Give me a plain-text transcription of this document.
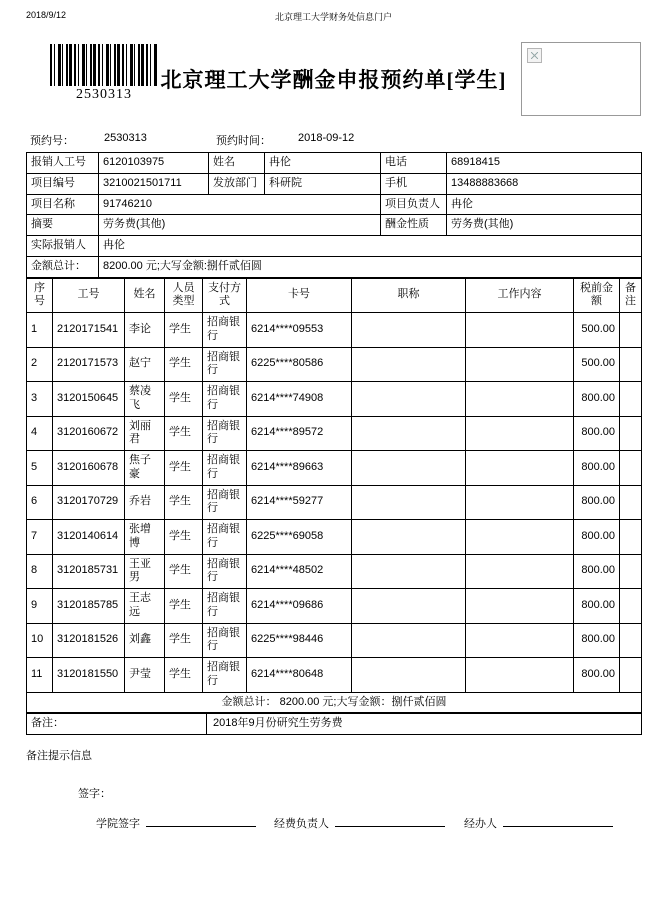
2018/9/12	北京理工大学财务处信息门户
2530313
北京理工大学酬金申报预约单[学生]
预约号：	2530313	预约时间： 2018-09-12
报销人工号	6120103975	姓名	冉伦	电话	68918415
项目编号	3210021501711	发放部门	科研院	手机	13488883668
项目名称	91746210			项目负责人	冉伦
摘要	劳务费(其他)			酬金性质	劳务费(其他)
实际报销人	冉伦				
金额总计：	8200.00 元;大写金额:捌仟贰佰圆				
序号	工号	姓名	人员类型	支付方式	卡号	职称	工作内容	税前金额	备注
1	2120171541	李论	学生	招商银行	6214****09553			500.00	
2	2120171573	赵宁	学生	招商银行	6225****80586			500.00	
3	3120150645	蔡凌飞	学生	招商银行	6214****74908			800.00	
4	3120160672	刘丽君	学生	招商银行	6214****89572			800.00	
5	3120160678	焦子豪	学生	招商银行	6214****89663			800.00	
6	3120170729	乔岩	学生	招商银行	6214****59277			800.00	
7	3120140614	张增博	学生	招商银行	6225****69058			800.00	
8	3120185731	王亚男	学生	招商银行	6214****48502			800.00	
9	3120185785	王志远	学生	招商银行	6214****09686			800.00	
10	3120181526	刘鑫	学生	招商银行	6225****98446			800.00	
11	3120181550	尹莹	学生	招商银行	6214****80648			800.00	
金额总计： 8200.00 元;大写金额：捌仟贰佰圆									
备注：	2018年9月份研究生劳务费
备注提示信息
签字：
学院签字	经费负责人	经办人
